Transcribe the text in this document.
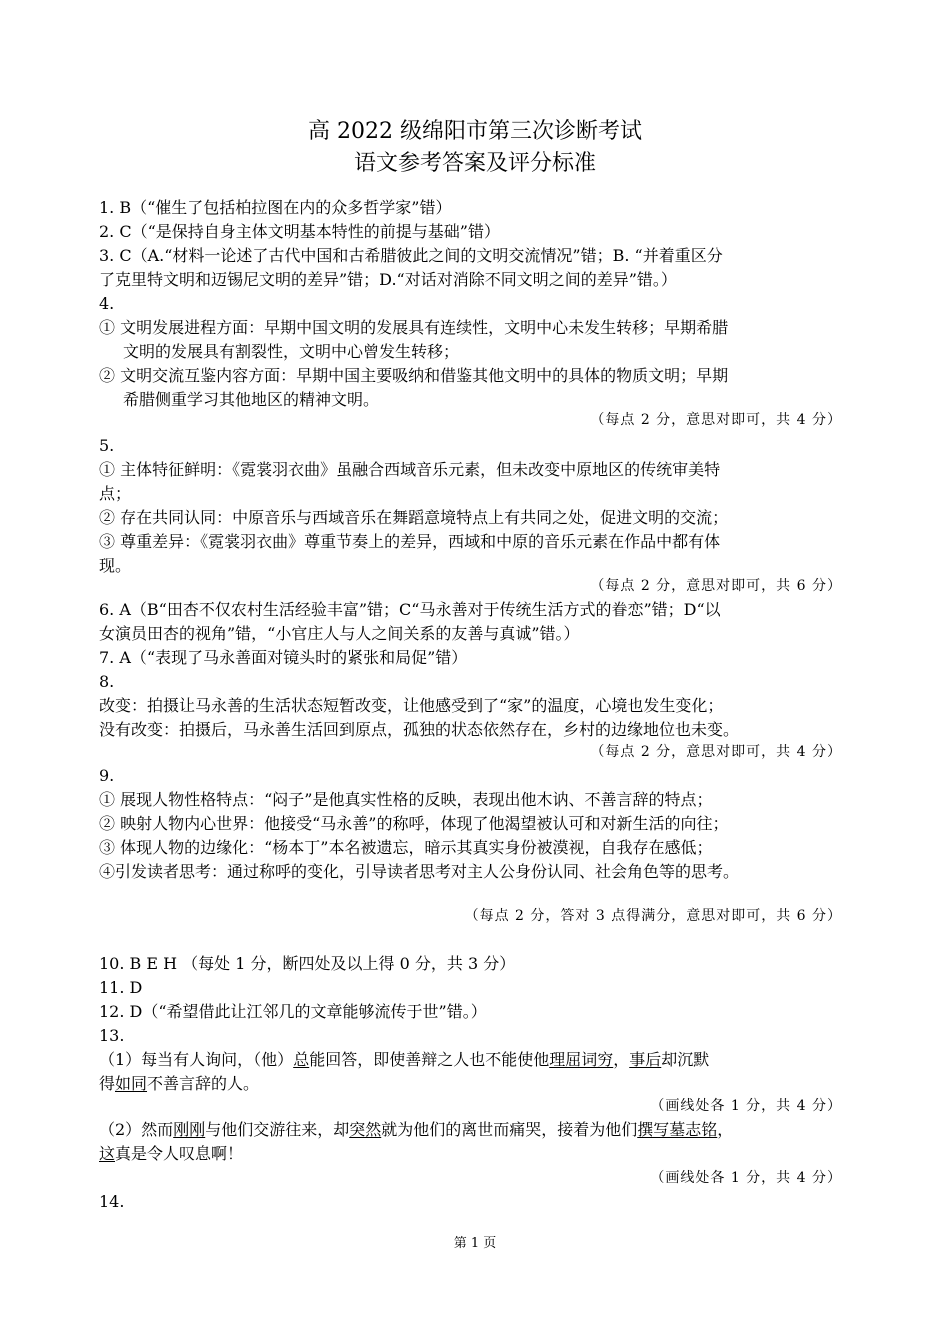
高 2022 级绵阳市第三次诊断考试
语文参考答案及评分标准
1. B（“催生了包括柏拉图在内的众多哲学家”错）
2. C（“是保持自身主体文明基本特性的前提与基础”错）
3. C（A.“材料一论述了古代中国和古希腊彼此之间的文明交流情况”错；B. “并着重区分
了克里特文明和迈锡尼文明的差异”错；D.“对话对消除不同文明之间的差异”错。）
4.
① 文明发展进程方面：早期中国文明的发展具有连续性，文明中心未发生转移；早期希腊
文明的发展具有割裂性，文明中心曾发生转移；
② 文明交流互鉴内容方面：早期中国主要吸纳和借鉴其他文明中的具体的物质文明；早期
希腊侧重学习其他地区的精神文明。
（每点 2 分，意思对即可，共 4 分）
5.
① 主体特征鲜明：《霓裳羽衣曲》虽融合西域音乐元素，但未改变中原地区的传统审美特
点；
② 存在共同认同：中原音乐与西域音乐在舞蹈意境特点上有共同之处，促进文明的交流；
③ 尊重差异：《霓裳羽衣曲》尊重节奏上的差异，西域和中原的音乐元素在作品中都有体
现。
（每点 2 分，意思对即可，共 6 分）
6. A（B“田杏不仅农村生活经验丰富”错；C“马永善对于传统生活方式的眷恋”错；D“以
女演员田杏的视角”错，“小官庄人与人之间关系的友善与真诚”错。）
7. A（“表现了马永善面对镜头时的紧张和局促”错）
8.
改变：拍摄让马永善的生活状态短暂改变，让他感受到了“家”的温度，心境也发生变化；
没有改变：拍摄后，马永善生活回到原点，孤独的状态依然存在，乡村的边缘地位也未变。
（每点 2 分，意思对即可，共 4 分）
9.
① 展现人物性格特点：“闷子”是他真实性格的反映，表现出他木讷、不善言辞的特点；
② 映射人物内心世界：他接受“马永善”的称呼，体现了他渴望被认可和对新生活的向往；
③ 体现人物的边缘化：“杨本丁”本名被遗忘，暗示其真实身份被漠视，自我存在感低；
④引发读者思考：通过称呼的变化，引导读者思考对主人公身份认同、社会角色等的思考。
（每点 2 分，答对 3 点得满分，意思对即可，共 6 分）
10. B E H （每处 1 分，断四处及以上得 0 分，共 3 分）
11. D
12. D（“希望借此让江邻几的文章能够流传于世”错。）
13.
（1）每当有人询问，（他）总能回答，即使善辩之人也不能使他理屈词穷，事后却沉默
得如同不善言辞的人。
（画线处各 1 分，共 4 分）
（2）然而刚刚与他们交游往来，却突然就为他们的离世而痛哭，接着为他们撰写墓志铭，
这真是令人叹息啊！
（画线处各 1 分，共 4 分）
14.
第 1 页
